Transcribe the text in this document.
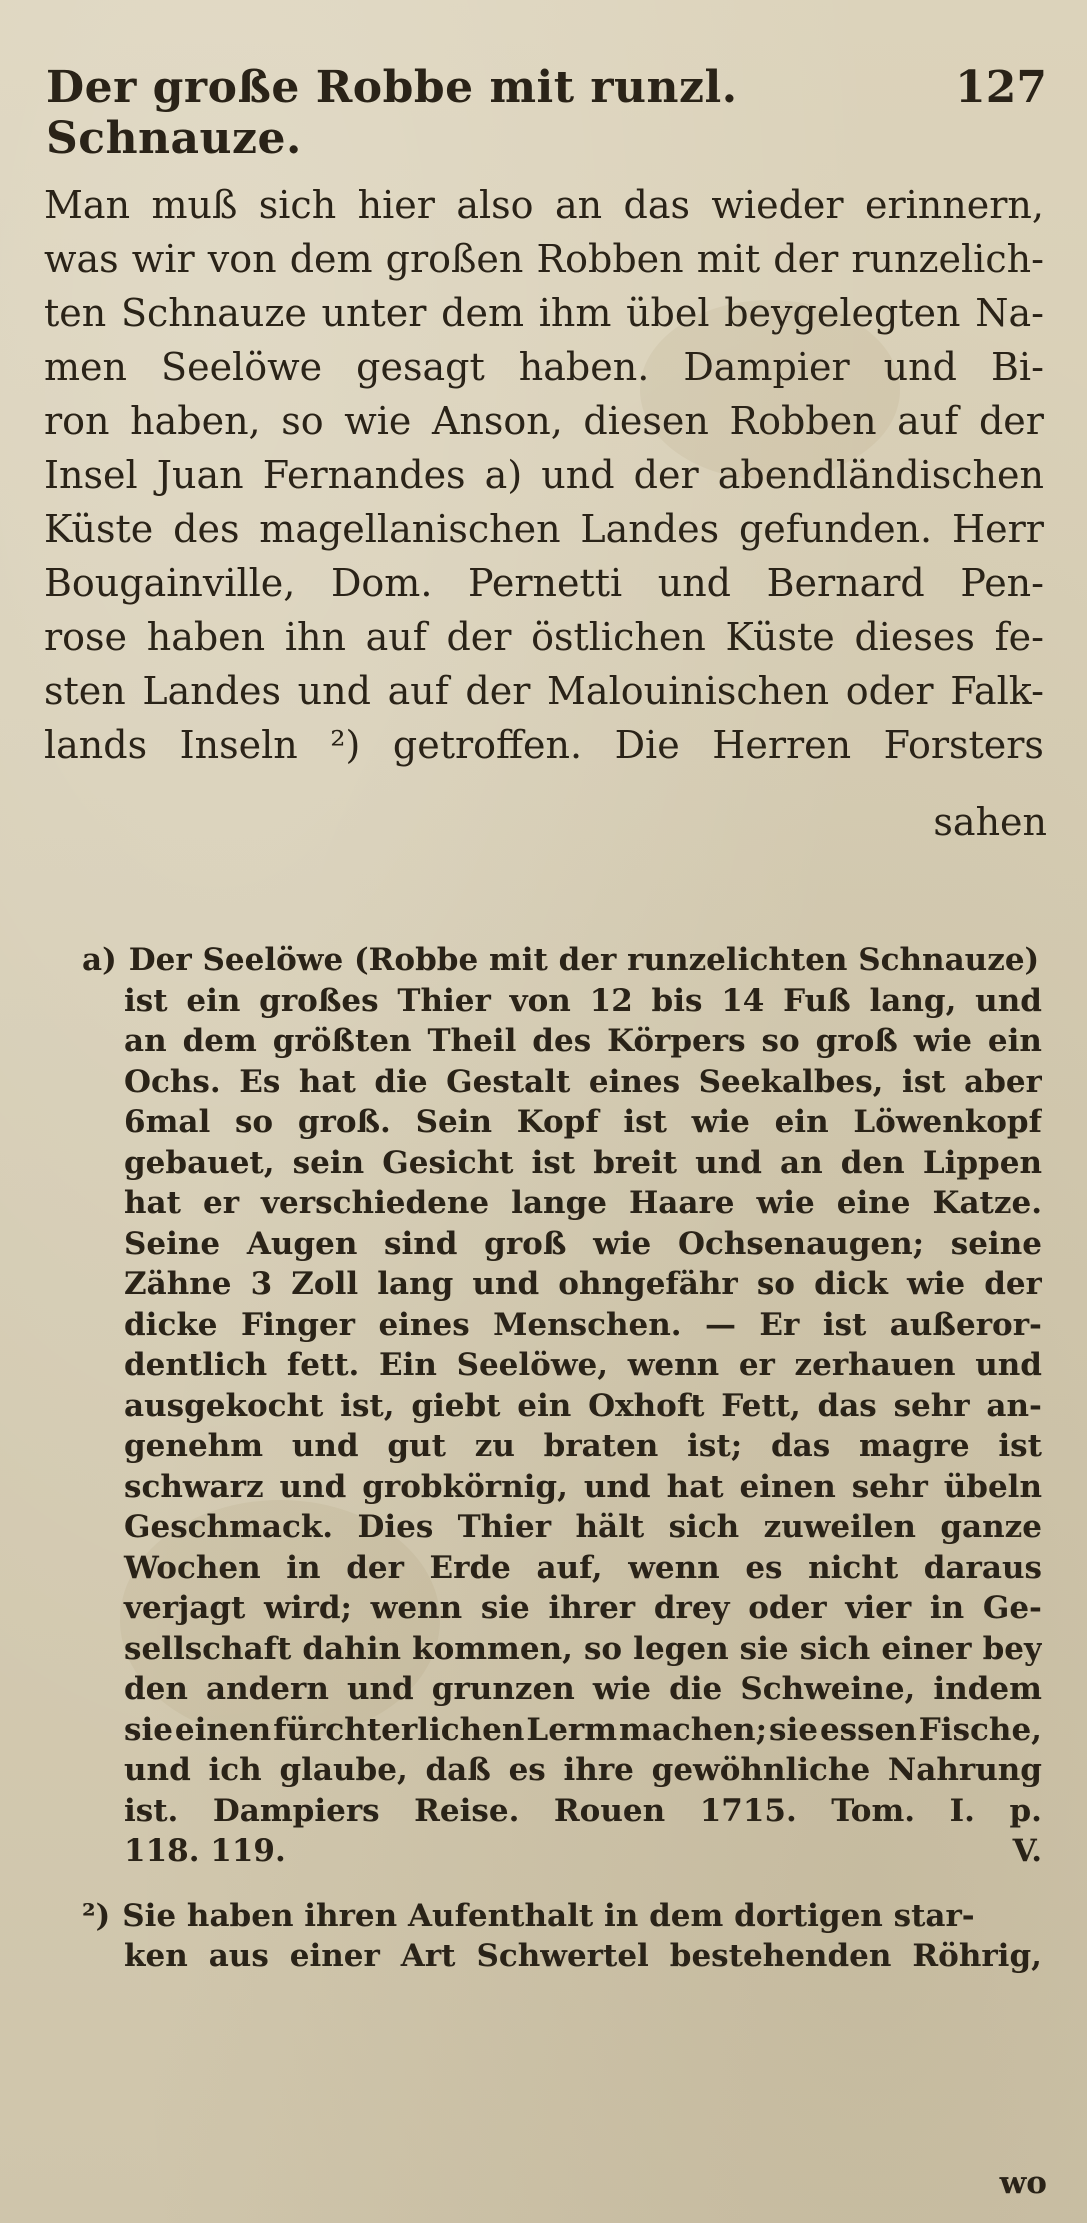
Der große Robbe mit runzl. Schnauze.
127
Man muß sich hier also an das wieder erinnern,
was wir von dem großen Robben mit der runzelich-
ten Schnauze unter dem ihm übel beygelegten Na-
men Seelöwe gesagt haben. Dampier und Bi-
ron haben, so wie Anson, diesen Robben auf der
Insel Juan Fernandes a) und der abendländischen
Küste des magellanischen Landes gefunden. Herr
Bougainville, Dom. Pernetti und Bernard Pen-
rose haben ihn auf der östlichen Küste dieses fe-
sten Landes und auf der Malouinischen oder Falk-
lands Inseln ²) getroffen. Die Herren Forsters
sahen
a) Der Seelöwe (Robbe mit der runzelichten Schnauze)
ist ein großes Thier von 12 bis 14 Fuß lang, und
an dem größten Theil des Körpers so groß wie ein
Ochs. Es hat die Gestalt eines Seekalbes, ist aber
6mal so groß. Sein Kopf ist wie ein Löwenkopf
gebauet, sein Gesicht ist breit und an den Lippen
hat er verschiedene lange Haare wie eine Katze.
Seine Augen sind groß wie Ochsenaugen; seine
Zähne 3 Zoll lang und ohngefähr so dick wie der
dicke Finger eines Menschen. — Er ist außeror-
dentlich fett. Ein Seelöwe, wenn er zerhauen und
ausgekocht ist, giebt ein Oxhoft Fett, das sehr an-
genehm und gut zu braten ist; das magre ist
schwarz und grobkörnig, und hat einen sehr übeln
Geschmack. Dies Thier hält sich zuweilen ganze
Wochen in der Erde auf, wenn es nicht daraus
verjagt wird; wenn sie ihrer drey oder vier in Ge-
sellschaft dahin kommen, so legen sie sich einer bey
den andern und grunzen wie die Schweine, indem
sie einen fürchterlichen Lerm machen; sie essen Fische,
und ich glaube, daß es ihre gewöhnliche Nahrung
ist. Dampiers Reise. Rouen 1715. Tom. I. p.
118. 119.	V.
²) Sie haben ihren Aufenthalt in dem dortigen star-
ken aus einer Art Schwertel bestehenden Röhrig,
wo
